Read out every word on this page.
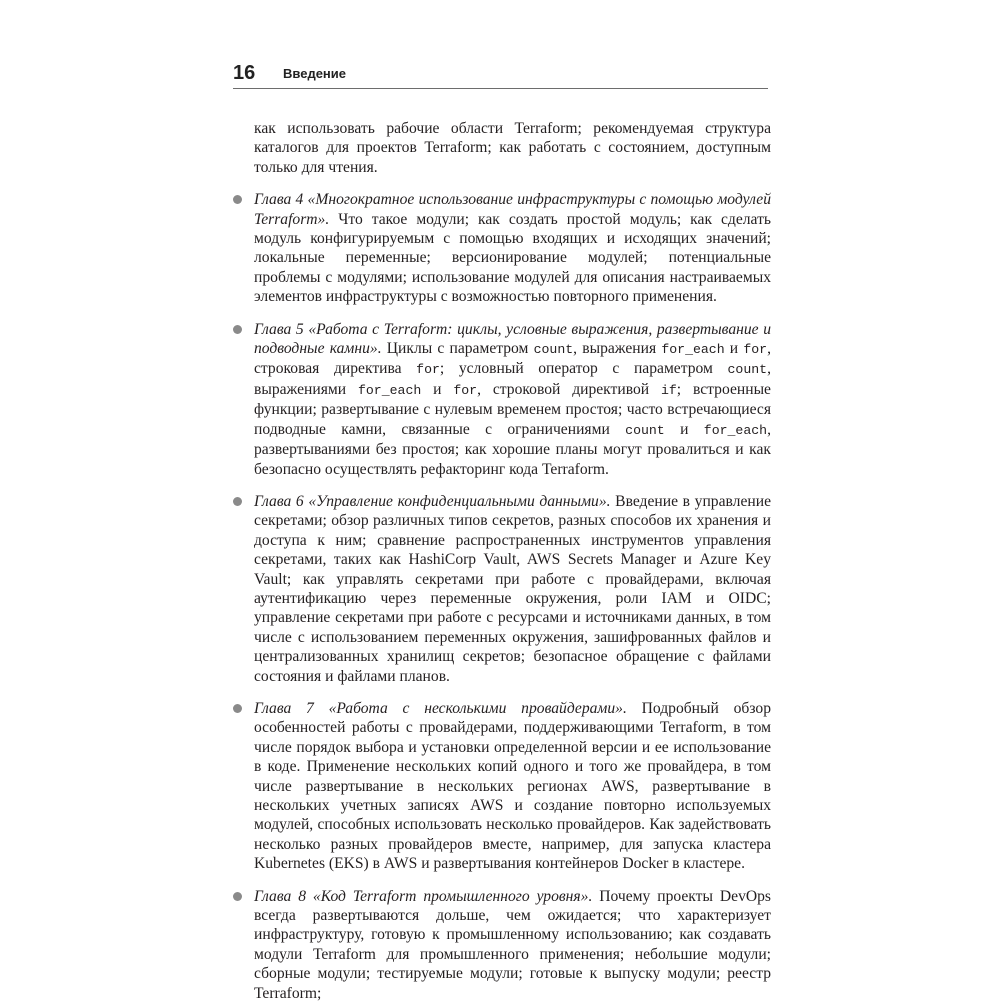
16 Введение

как использовать рабочие области Terraform; рекомендуемая структура каталогов для проектов Terraform; как работать с состоянием, доступным только для чтения.

Глава 4 «Многократное использование инфраструктуры с помощью модулей Terraform». Что такое модули; как создать простой модуль; как сделать модуль конфигурируемым с помощью входящих и исходящих значений; локальные переменные; версионирование модулей; потенциальные проблемы с модулями; использование модулей для описания настраиваемых элементов инфраструктуры с возможностью повторного применения.
Глава 5 «Работа с Terraform: циклы, условные выражения, развертывание и подводные камни». Циклы с параметром count, выражения for_each и for, строковая директива for; условный оператор с параметром count, выражениями for_each и for, строковой директивой if; встроенные функции; развертывание с нулевым временем простоя; часто встречающиеся подводные камни, связанные с ограничениями count и for_each, развертываниями без простоя; как хорошие планы могут провалиться и как безопасно осуществлять рефакторинг кода Terraform.
Глава 6 «Управление конфиденциальными данными». Введение в управление секретами; обзор различных типов секретов, разных способов их хранения и доступа к ним; сравнение распространенных инструментов управления секретами, таких как HashiCorp Vault, AWS Secrets Manager и Azure Key Vault; как управлять секретами при работе с провайдерами, включая аутентификацию через переменные окружения, роли IAM и OIDC; управление секретами при работе с ресурсами и источниками данных, в том числе с использованием переменных окружения, зашифрованных файлов и централизованных хранилищ секретов; безопасное обращение с файлами состояния и файлами планов.
Глава 7 «Работа с несколькими провайдерами». Подробный обзор особенностей работы с провайдерами, поддерживающими Terraform, в том числе порядок выбора и установки определенной версии и ее использование в коде. Применение нескольких копий одного и того же провайдера, в том числе развертывание в нескольких регионах AWS, развертывание в нескольких учетных записях AWS и создание повторно используемых модулей, способных использовать несколько провайдеров. Как задействовать несколько разных провайдеров вместе, например, для запуска кластера Kubernetes (EKS) в AWS и развертывания контейнеров Docker в кластере.
Глава 8 «Код Terraform промышленного уровня». Почему проекты DevOps всегда развертываются дольше, чем ожидается; что характеризует инфраструктуру, готовую к промышленному использованию; как создавать модули Terraform для промышленного применения; небольшие модули; сборные модули; тестируемые модули; готовые к выпуску модули; реестр Terraform;
